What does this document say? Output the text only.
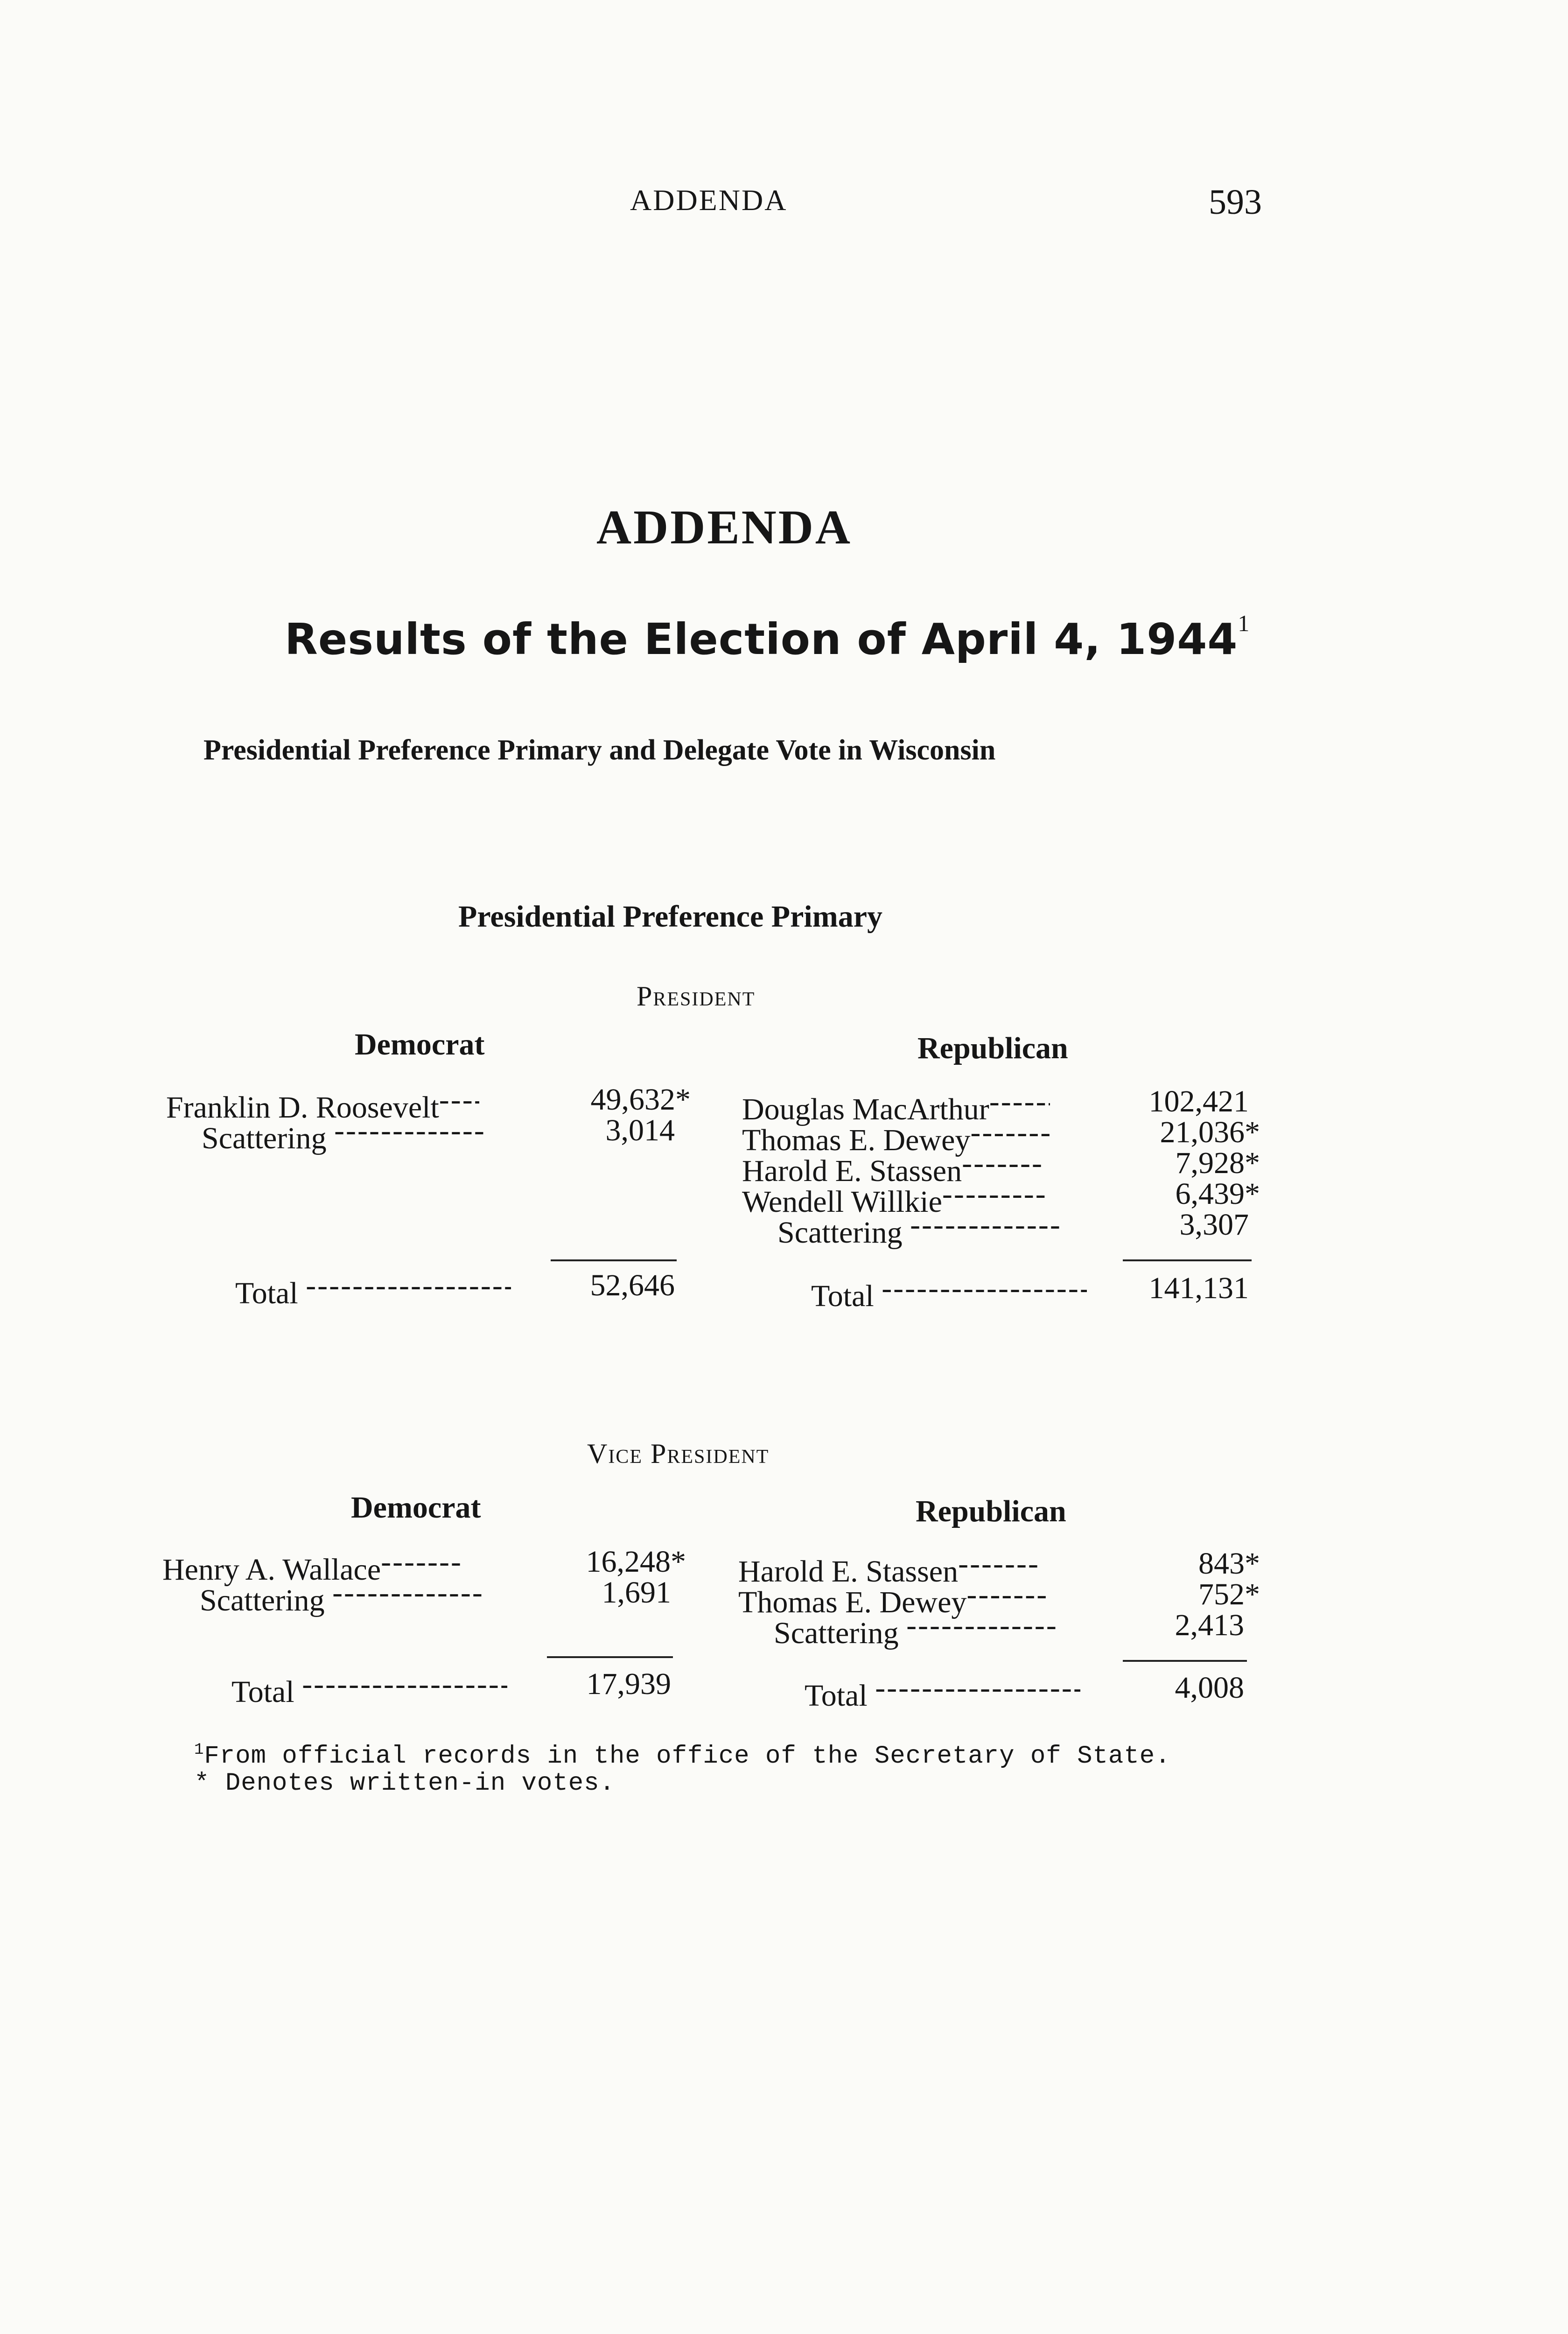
ADDENDA	593
ADDENDA
Results of the Election of April 4, 1944$^1$
Presidential Preference Primary and Delegate Vote in Wisconsin
Presidential Preference Primary
President
Democrat	Republican
Franklin D. Roosevelt -----	49,632*
Scattering -----	3,014
Douglas MacArthur -----	102,421
Thomas E. Dewey -----	21,036*
Harold E. Stassen -----	7,928*
Wendell Willkie -----	6,439*
Scattering -----	3,307
Total -----	52,646	Total -----	141,131
Vice President
Democrat	Republican
Henry A. Wallace -----	16,248*
Scattering -----	1,691
Harold E. Stassen -----	843*
Thomas E. Dewey -----	752*
Scattering -----	2,413
Total -----	17,939	Total -----	4,008
$^1$From official records in the office of the Secretary of State.
* Denotes written-in votes.
